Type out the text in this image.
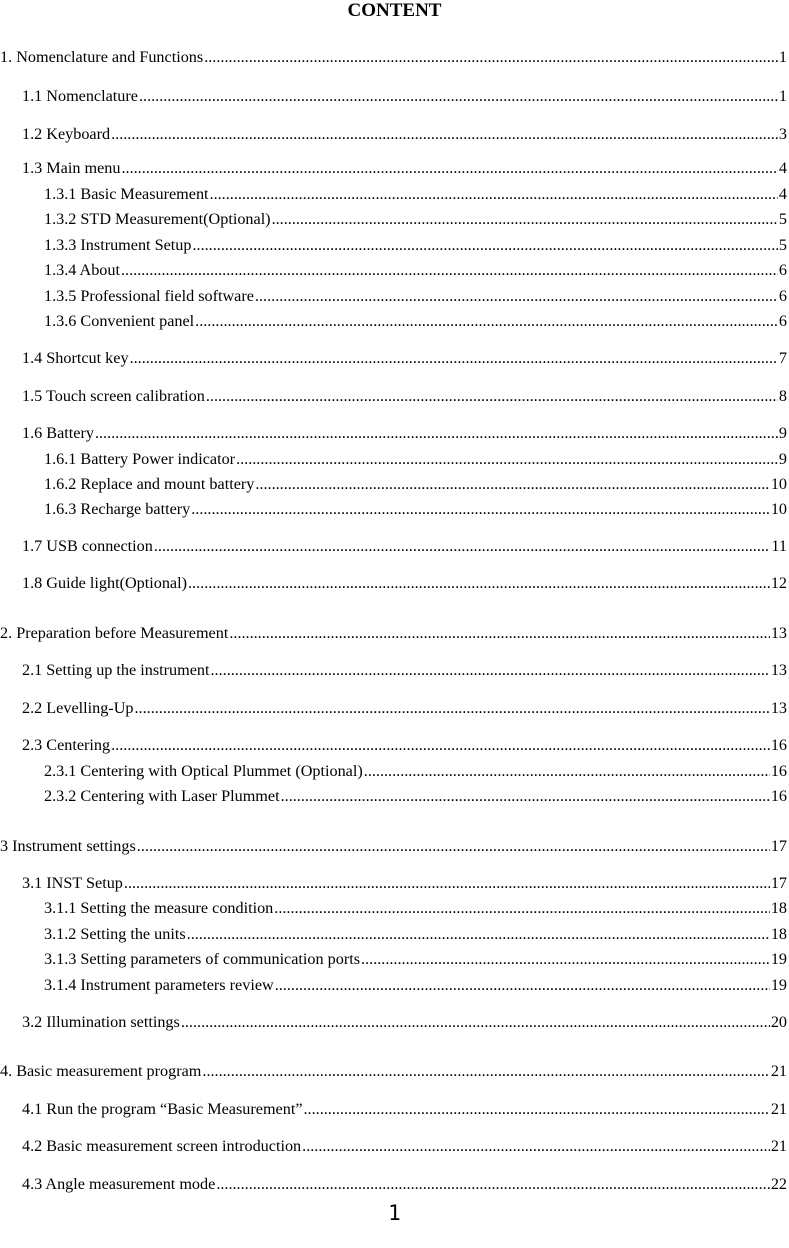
CONTENT
1. Nomenclature and Functions .....	1
1.1 Nomenclature .....	1
1.2 Keyboard .....	3
1.3 Main menu .....	4
1.3.1 Basic Measurement .....	4
1.3.2 STD Measurement(Optional) .....	5
1.3.3 Instrument Setup .....	5
1.3.4 About .....	6
1.3.5 Professional field software .....	6
1.3.6 Convenient panel .....	6
1.4 Shortcut key .....	7
1.5 Touch screen calibration .....	8
1.6 Battery .....	9
1.6.1 Battery Power indicator .....	9
1.6.2 Replace and mount battery .....	10
1.6.3 Recharge battery .....	10
1.7 USB connection .....	11
1.8 Guide light(Optional) .....	12
2. Preparation before Measurement .....	13
2.1 Setting up the instrument .....	13
2.2 Levelling-Up .....	13
2.3 Centering .....	16
2.3.1 Centering with Optical Plummet (Optional) .....	16
2.3.2 Centering with Laser Plummet .....	16
3 Instrument settings .....	17
3.1 INST Setup .....	17
3.1.1 Setting the measure condition .....	18
3.1.2 Setting the units .....	18
3.1.3 Setting parameters of communication ports .....	19
3.1.4 Instrument parameters review .....	19
3.2 Illumination settings .....	20
4. Basic measurement program .....	21
4.1 Run the program “Basic Measurement” .....	21
4.2 Basic measurement screen introduction .....	21
4.3 Angle measurement mode .....	22
1
